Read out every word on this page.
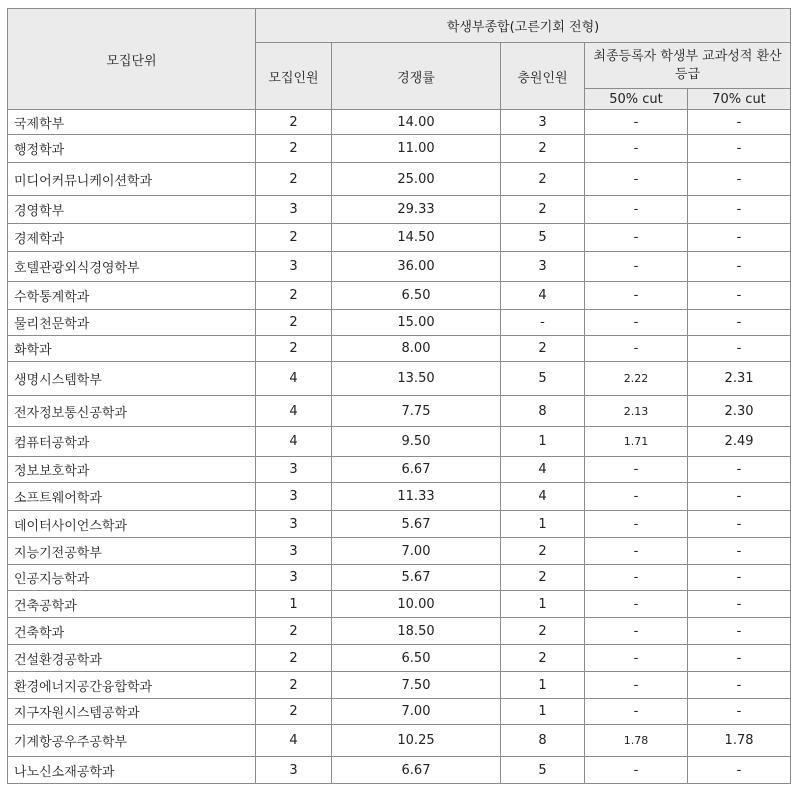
모집단위	학생부종합(고른기회 전형)				
	모집인원	경쟁률	충원인원	최종등록자 학생부 교과성적 환산등급	
				50% cut	70% cut
국제학부	2	14.00	3	-	-
행정학과	2	11.00	2	-	-
미디어커뮤니케이션학과	2	25.00	2	-	-
경영학부	3	29.33	2	-	-
경제학과	2	14.50	5	-	-
호텔관광외식경영학부	3	36.00	3	-	-
수학통계학과	2	6.50	4	-	-
물리천문학과	2	15.00	-	-	-
화학과	2	8.00	2	-	-
생명시스템학부	4	13.50	5	2.22	2.31
전자정보통신공학과	4	7.75	8	2.13	2.30
컴퓨터공학과	4	9.50	1	1.71	2.49
정보보호학과	3	6.67	4	-	-
소프트웨어학과	3	11.33	4	-	-
데이터사이언스학과	3	5.67	1	-	-
지능기전공학부	3	7.00	2	-	-
인공지능학과	3	5.67	2	-	-
건축공학과	1	10.00	1	-	-
건축학과	2	18.50	2	-	-
건설환경공학과	2	6.50	2	-	-
환경에너지공간융합학과	2	7.50	1	-	-
지구자원시스템공학과	2	7.00	1	-	-
기계항공우주공학부	4	10.25	8	1.78	1.78
나노신소재공학과	3	6.67	5	-	-
